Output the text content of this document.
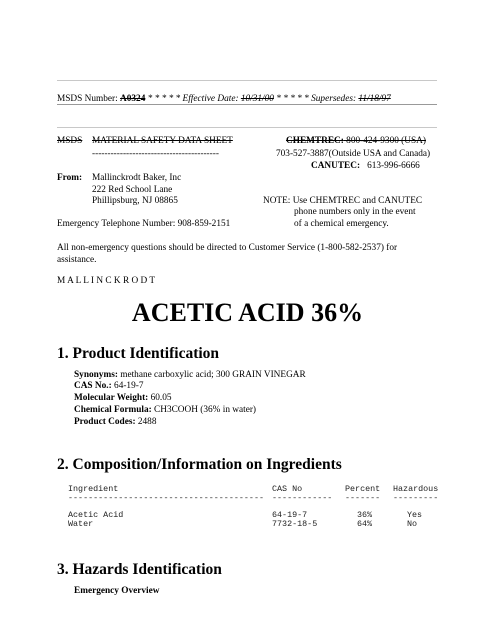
MSDS Number: A0324 * * * * * Effective Date: 10/31/00 * * * * * Supersedes: 11/18/97
MSDS MATERIAL SAFETY DATA SHEET	CHEMTREC: 800-424-9300 (USA)
-----------------------------------------	703-527-3887(Outside USA and Canada)
CANUTEC: 613-996-6666
From: Mallinckrodt Baker, Inc
222 Red School Lane
Phillipsburg, NJ 08865	NOTE: Use CHEMTREC and CANUTEC
phone numbers only in the event
Emergency Telephone Number: 908-859-2151	of a chemical emergency.
All non-emergency questions should be directed to Customer Service (1-800-582-2537) for
assistance.
M A L L I N C K R O D T
ACETIC ACID 36%
1. Product Identification
Synonyms: methane carboxylic acid; 300 GRAIN VINEGAR
CAS No.: 64-19-7
Molecular Weight: 60.05
Chemical Formula: CH3COOH (36% in water)
Product Codes: 2488
2. Composition/Information on Ingredients
Ingredient	CAS No	Percent Hazardous
--------------------------------------- ------------ ------- ---------
Acetic Acid	64-19-7	36%	Yes
Water	7732-18-5	64%	No
3. Hazards Identification
Emergency Overview
